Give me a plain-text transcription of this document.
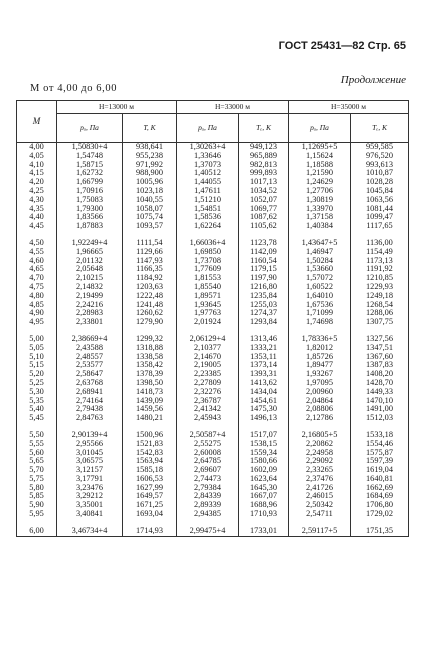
ГОСТ 25431—82 Стр. 65
Продолжение
М от 4,00 до 6,00
М	H=13000 м		H=33000 м		H=35000 м	
	pₐ, Па	T, К	pₐ, Па	Tₑ, К	pₐ, Па	Tₑ, К
4,00	1,50830+4	938,641	1,30263+4	949,123	1,12695+5	959,585
4,05	1,54748	955,238	1,33646	965,889	1,15624	976,520
4,10	1,58715	971,992	1,37073	982,813	1,18588	993,613
4,15	1,62732	988,900	1,40512	999,893	1,21590	1010,87
4,20	1,66799	1005,96	1,44055	1017,13	1,24629	1028,28
4,25	1,70916	1023,18	1,47611	1034,52	1,27706	1045,84
4,30	1,75083	1040,55	1,51210	1052,07	1,30819	1063,56
4,35	1,79300	1058,07	1,54851	1069,77	1,33970	1081,44
4,40	1,83566	1075,74	1,58536	1087,62	1,37158	1099,47
4,45	1,87883	1093,57	1,62264	1105,62	1,40384	1117,65

4,50	1,92249+4	1111,54	1,66036+4	1123,78	1,43647+5	1136,00
4,55	1,96665	1129,66	1,69850	1142,09	1,46947	1154,49
4,60	2,01132	1147,93	1,73708	1160,54	1,50284	1173,13
4,65	2,05648	1166,35	1,77609	1179,15	1,53660	1191,92
4,70	2,10215	1184,92	1,81553	1197,90	1,57072	1210,85
4,75	2,14832	1203,63	1,85540	1216,80	1,60522	1229,93
4,80	2,19499	1222,48	1,89571	1235,84	1,64010	1249,18
4,85	2,24216	1241,48	1,93645	1255,03	1,67536	1268,54
4,90	2,28983	1260,62	1,97763	1274,37	1,71099	1288,06
4,95	2,33801	1279,90	2,01924	1293,84	1,74698	1307,75

5,00	2,38669+4	1299,32	2,06129+4	1313,46	1,78336+5	1327,56
5,05	2,43588	1318,88	2,10377	1333,21	1,82012	1347,51
5,10	2,48557	1338,58	2,14670	1353,11	1,85726	1367,60
5,15	2,53577	1358,42	2,19005	1373,14	1,89477	1387,83
5,20	2,58647	1378,39	2,23385	1393,31	1,93267	1408,20
5,25	2,63768	1398,50	2,27809	1413,62	1,97095	1428,70
5,30	2,68941	1418,73	2,32276	1434,04	2,00960	1449,33
5,35	2,74164	1439,09	2,36787	1454,61	2,04864	1470,10
5,40	2,79438	1459,56	2,41342	1475,30	2,08806	1491,00
5,45	2,84763	1480,21	2,45943	1496,13	2,12786	1512,03

5,50	2,90139+4	1500,96	2,50587+4	1517,07	2,16805+5	1533,18
5,55	2,95566	1521,83	2,55275	1538,15	2,20862	1554,46
5,60	3,01045	1542,83	2,60008	1559,34	2,24958	1575,87
5,65	3,06575	1563,94	2,64785	1580,66	2,29092	1597,39
5,70	3,12157	1585,18	2,69607	1602,09	2,33265	1619,04
5,75	3,17791	1606,53	2,74473	1623,64	2,37476	1640,81
5,80	3,23476	1627,99	2,79384	1645,30	2,41726	1662,69
5,85	3,29212	1649,57	2,84339	1667,07	2,46015	1684,69
5,90	3,35001	1671,25	2,89339	1688,96	2,50342	1706,80
5,95	3,40841	1693,04	2,94385	1710,93	2,54711	1729,02

6,00	3,46734+4	1714,93	2,99475+4	1733,01	2,59117+5	1751,35
